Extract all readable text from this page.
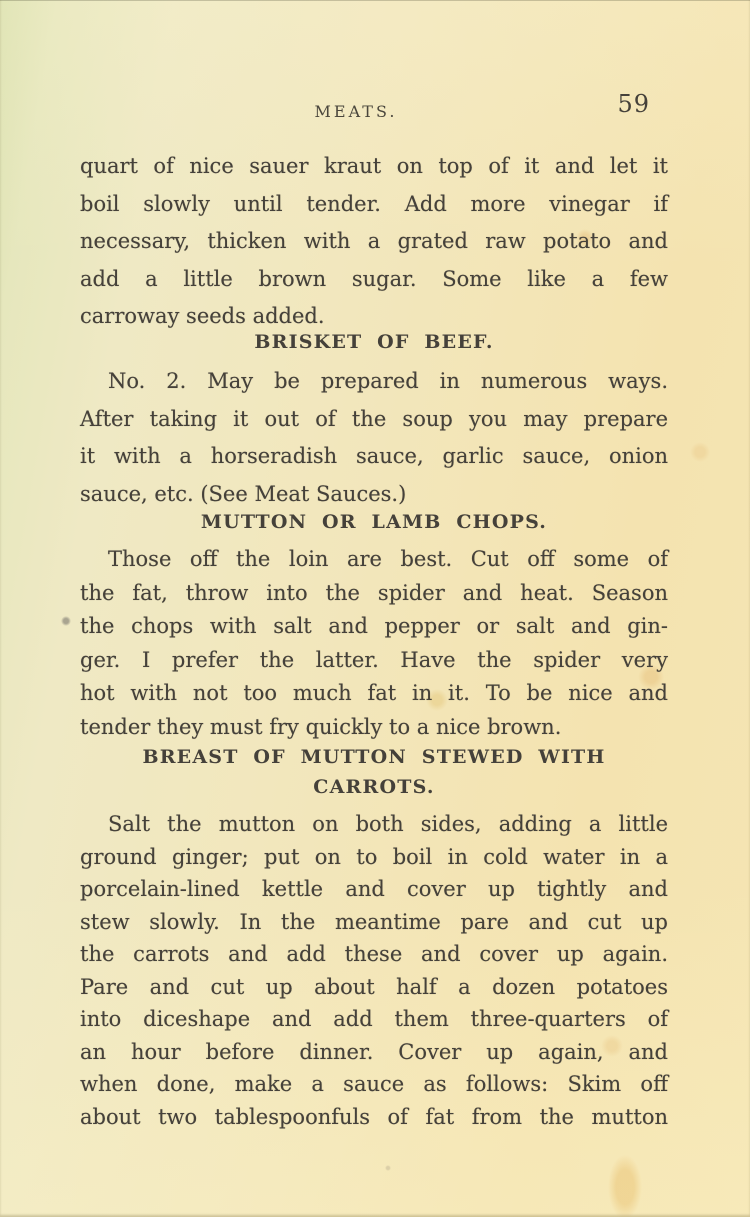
MEATS.	59
quart of nice sauer kraut on top of it and let it
boil slowly until tender. Add more vinegar if
necessary, thicken with a grated raw potato and
add a little brown sugar. Some like a few
carroway seeds added.
BRISKET OF BEEF.
No. 2. May be prepared in numerous ways.
After taking it out of the soup you may prepare
it with a horseradish sauce, garlic sauce, onion
sauce, etc. (See Meat Sauces.)
MUTTON OR LAMB CHOPS.
Those off the loin are best. Cut off some of
the fat, throw into the spider and heat. Season
the chops with salt and pepper or salt and gin-
ger. I prefer the latter. Have the spider very
hot with not too much fat in it. To be nice and
tender they must fry quickly to a nice brown.
BREAST OF MUTTON STEWED WITH CARROTS.
Salt the mutton on both sides, adding a little
ground ginger; put on to boil in cold water in a
porcelain-lined kettle and cover up tightly and
stew slowly. In the meantime pare and cut up
the carrots and add these and cover up again.
Pare and cut up about half a dozen potatoes
into diceshape and add them three-quarters of
an hour before dinner. Cover up again, and
when done, make a sauce as follows: Skim off
about two tablespoonfuls of fat from the mutton
